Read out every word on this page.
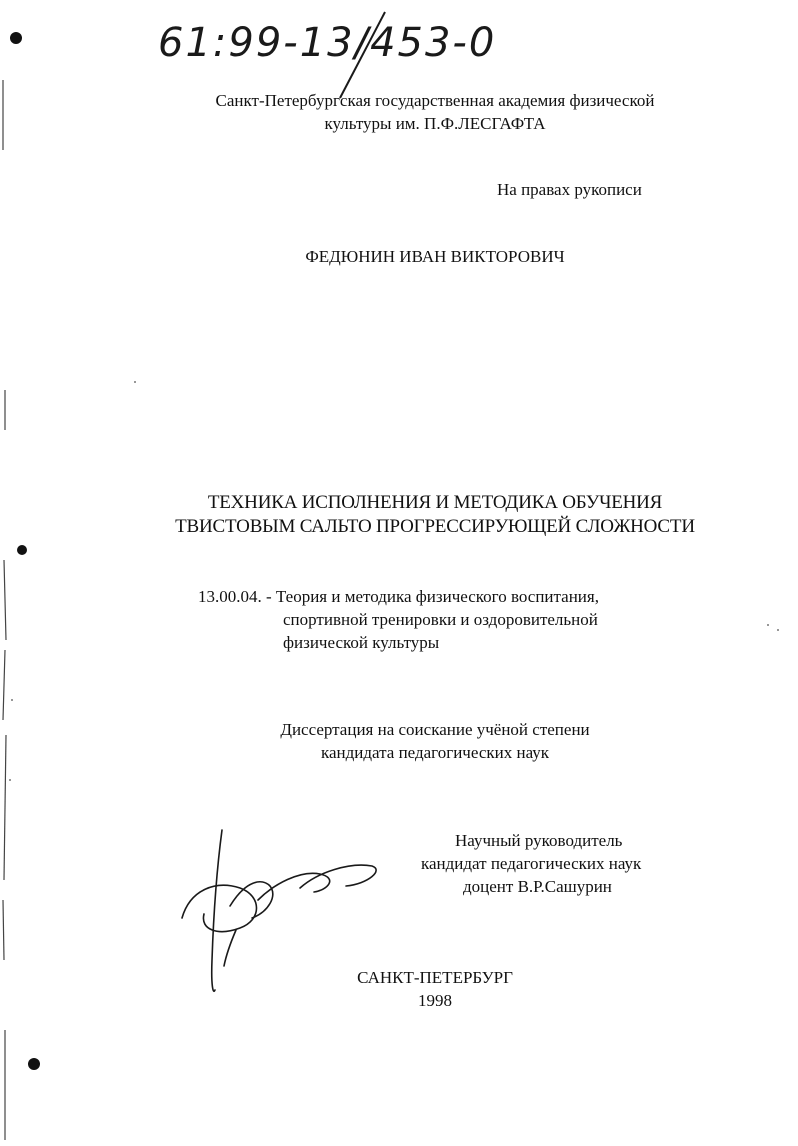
61:99-13/453-0
Санкт-Петербургская государственная академия физической
культуры им. П.Ф.ЛЕСГАФТА
На правах рукописи
ФЕДЮНИН ИВАН ВИКТОРОВИЧ
ТЕХНИКА ИСПОЛНЕНИЯ И МЕТОДИКА ОБУЧЕНИЯ
ТВИСТОВЫМ САЛЬТО ПРОГРЕССИРУЮЩЕЙ СЛОЖНОСТИ
13.00.04. - Теория и методика физического воспитания,
спортивной тренировки и оздоровительной
физической культуры
Диссертация на соискание учёной степени
кандидата педагогических наук
Научный руководитель
кандидат педагогических наук
доцент В.Р.Сашурин
САНКТ-ПЕТЕРБУРГ
1998
